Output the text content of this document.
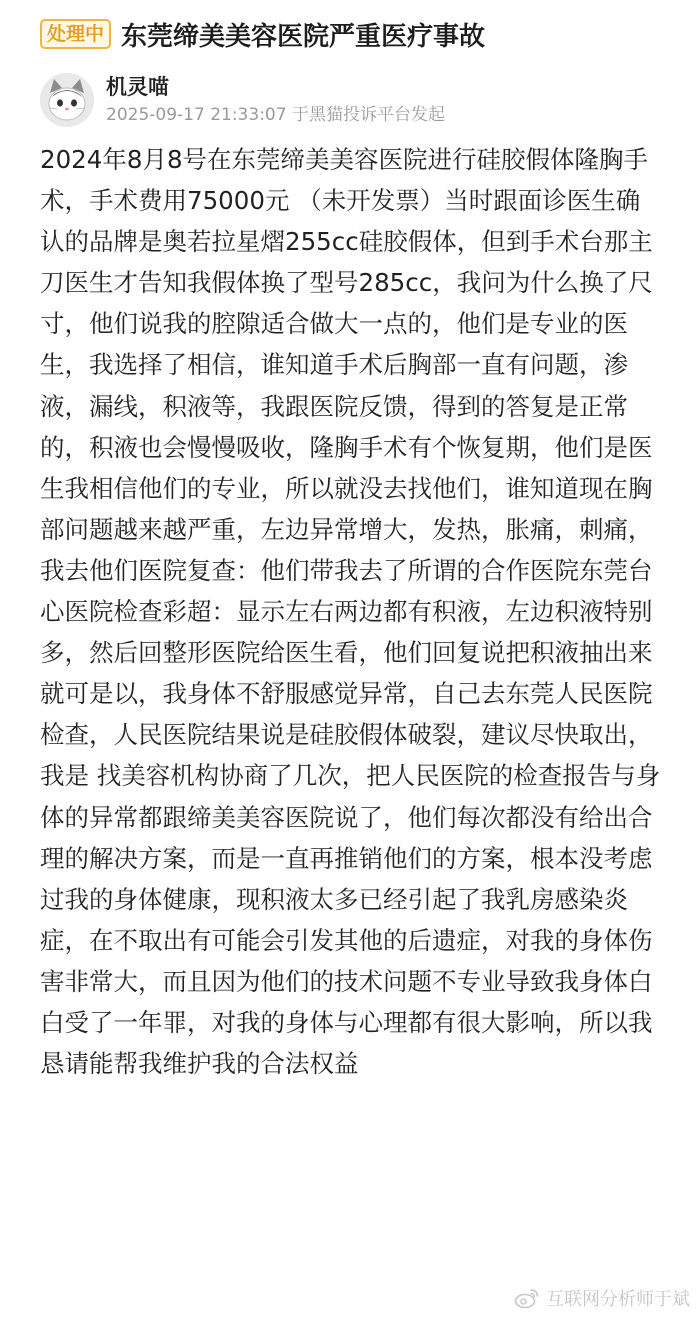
处理中 东莞缔美美容医院严重医疗事故
机灵喵
2025-09-17 21:33:07 于黑猫投诉平台发起
2024年8月8号在东莞缔美美容医院进行硅胶假体隆胸手术，手术费用75000元 （未开发票）当时跟面诊医生确认的品牌是奥若拉星熠255cc硅胶假体，但到手术台那主刀医生才告知我假体换了型号285cc，我问为什么换了尺寸，他们说我的腔隙适合做大一点的，他们是专业的医生，我选择了相信，谁知道手术后胸部一直有问题，渗液，漏线，积液等，我跟医院反馈，得到的答复是正常的，积液也会慢慢吸收，隆胸手术有个恢复期，他们是医生我相信他们的专业，所以就没去找他们，谁知道现在胸部问题越来越严重，左边异常增大，发热，胀痛，刺痛，我去他们医院复查：他们带我去了所谓的合作医院东莞台心医院检查彩超：显示左右两边都有积液，左边积液特别多，然后回整形医院给医生看，他们回复说把积液抽出来就可是以，我身体不舒服感觉异常，自己去东莞人民医院检查，人民医院结果说是硅胶假体破裂，建议尽快取出，我是 找美容机构协商了几次，把人民医院的检查报告与身体的异常都跟缔美美容医院说了，他们每次都没有给出合理的解决方案，而是一直再推销他们的方案，根本没考虑过我的身体健康，现积液太多已经引起了我乳房感染炎症，在不取出有可能会引发其他的后遗症，对我的身体伤害非常大，而且因为他们的技术问题不专业导致我身体白白受了一年罪，对我的身体与心理都有很大影响，所以我恳请能帮我维护我的合法权益
互联网分析师于斌
